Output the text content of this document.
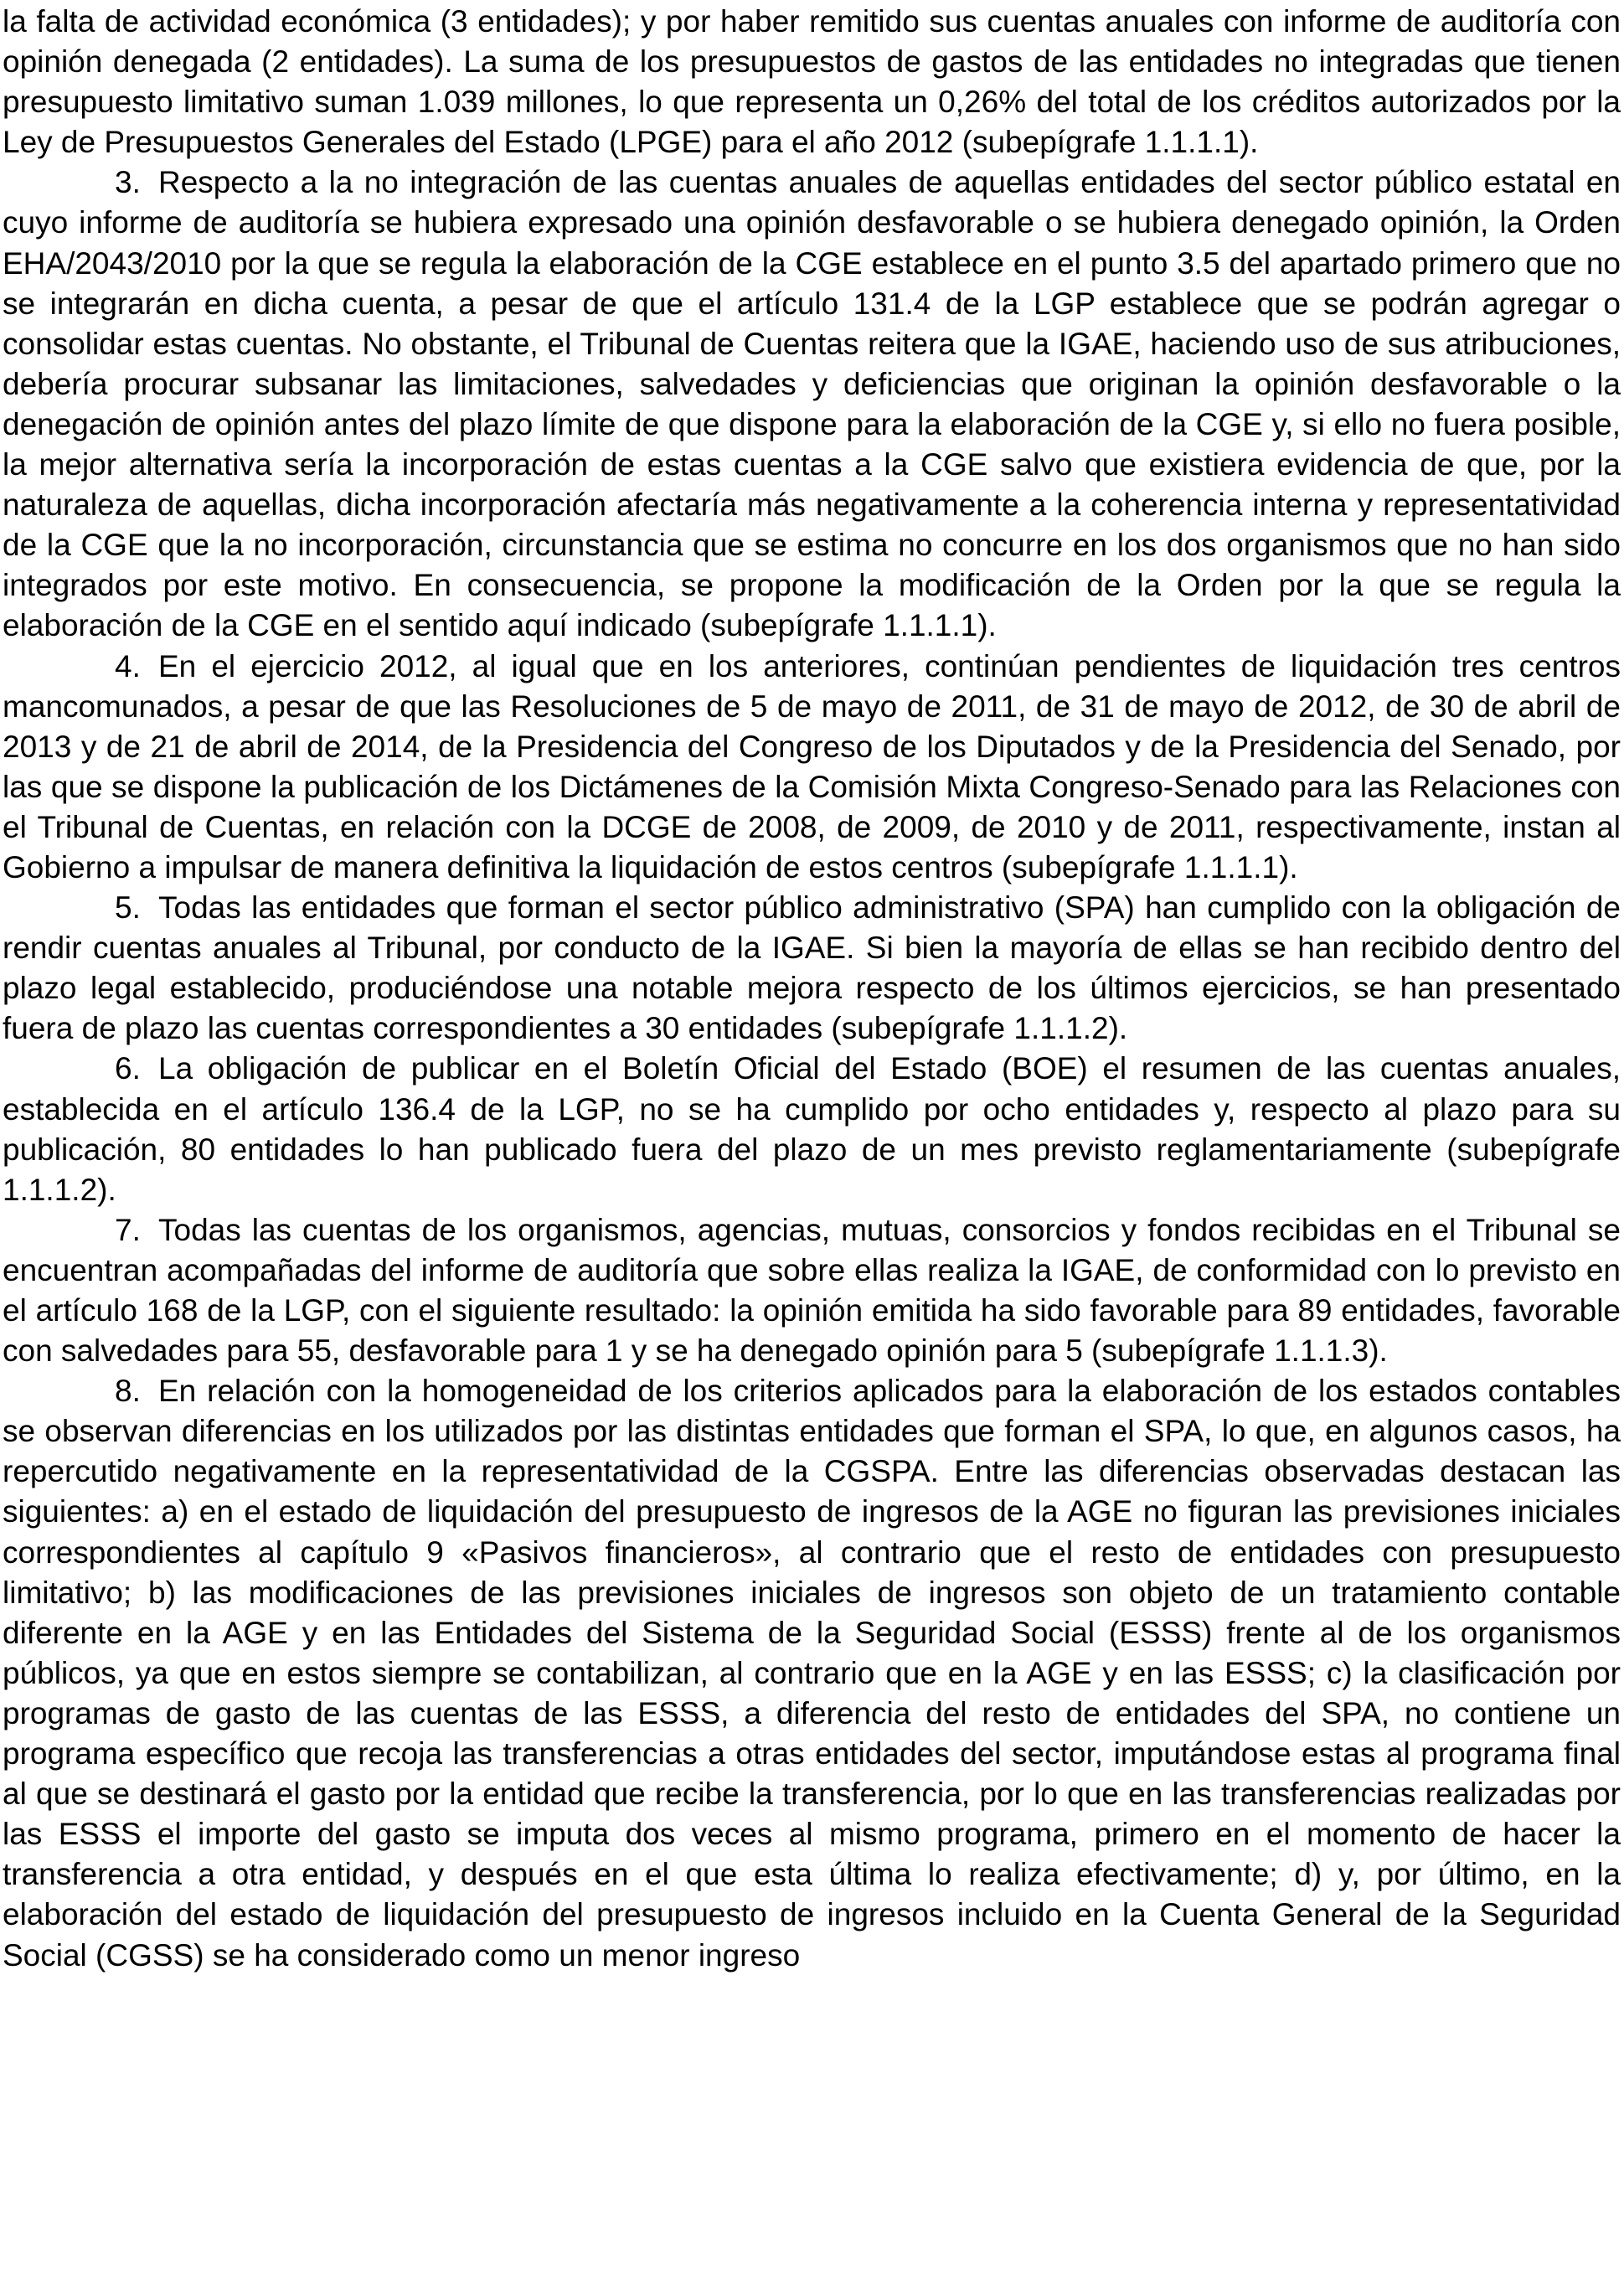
la falta de actividad económica (3 entidades); y por haber remitido sus cuentas anuales con informe de auditoría con opinión denegada (2 entidades). La suma de los presupuestos de gastos de las entidades no integradas que tienen presupuesto limitativo suman 1.039 millones, lo que representa un 0,26% del total de los créditos autorizados por la Ley de Presupuestos Generales del Estado (LPGE) para el año 2012 (subepígrafe 1.1.1.1).

3. Respecto a la no integración de las cuentas anuales de aquellas entidades del sector público estatal en cuyo informe de auditoría se hubiera expresado una opinión desfavorable o se hubiera denegado opinión, la Orden EHA/2043/2010 por la que se regula la elaboración de la CGE establece en el punto 3.5 del apartado primero que no se integrarán en dicha cuenta, a pesar de que el artículo 131.4 de la LGP establece que se podrán agregar o consolidar estas cuentas. No obstante, el Tribunal de Cuentas reitera que la IGAE, haciendo uso de sus atribuciones, debería procurar subsanar las limitaciones, salvedades y deficiencias que originan la opinión desfavorable o la denegación de opinión antes del plazo límite de que dispone para la elaboración de la CGE y, si ello no fuera posible, la mejor alternativa sería la incorporación de estas cuentas a la CGE salvo que existiera evidencia de que, por la naturaleza de aquellas, dicha incorporación afectaría más negativamente a la coherencia interna y representatividad de la CGE que la no incorporación, circunstancia que se estima no concurre en los dos organismos que no han sido integrados por este motivo. En consecuencia, se propone la modificación de la Orden por la que se regula la elaboración de la CGE en el sentido aquí indicado (subepígrafe 1.1.1.1).

4. En el ejercicio 2012, al igual que en los anteriores, continúan pendientes de liquidación tres centros mancomunados, a pesar de que las Resoluciones de 5 de mayo de 2011, de 31 de mayo de 2012, de 30 de abril de 2013 y de 21 de abril de 2014, de la Presidencia del Congreso de los Diputados y de la Presidencia del Senado, por las que se dispone la publicación de los Dictámenes de la Comisión Mixta Congreso-Senado para las Relaciones con el Tribunal de Cuentas, en relación con la DCGE de 2008, de 2009, de 2010 y de 2011, respectivamente, instan al Gobierno a impulsar de manera definitiva la liquidación de estos centros (subepígrafe 1.1.1.1).

5. Todas las entidades que forman el sector público administrativo (SPA) han cumplido con la obligación de rendir cuentas anuales al Tribunal, por conducto de la IGAE. Si bien la mayoría de ellas se han recibido dentro del plazo legal establecido, produciéndose una notable mejora respecto de los últimos ejercicios, se han presentado fuera de plazo las cuentas correspondientes a 30 entidades (subepígrafe 1.1.1.2).

6. La obligación de publicar en el Boletín Oficial del Estado (BOE) el resumen de las cuentas anuales, establecida en el artículo 136.4 de la LGP, no se ha cumplido por ocho entidades y, respecto al plazo para su publicación, 80 entidades lo han publicado fuera del plazo de un mes previsto reglamentariamente (subepígrafe 1.1.1.2).

7. Todas las cuentas de los organismos, agencias, mutuas, consorcios y fondos recibidas en el Tribunal se encuentran acompañadas del informe de auditoría que sobre ellas realiza la IGAE, de conformidad con lo previsto en el artículo 168 de la LGP, con el siguiente resultado: la opinión emitida ha sido favorable para 89 entidades, favorable con salvedades para 55, desfavorable para 1 y se ha denegado opinión para 5 (subepígrafe 1.1.1.3).

8. En relación con la homogeneidad de los criterios aplicados para la elaboración de los estados contables se observan diferencias en los utilizados por las distintas entidades que forman el SPA, lo que, en algunos casos, ha repercutido negativamente en la representatividad de la CGSPA. Entre las diferencias observadas destacan las siguientes: a) en el estado de liquidación del presupuesto de ingresos de la AGE no figuran las previsiones iniciales correspondientes al capítulo 9 «Pasivos financieros», al contrario que el resto de entidades con presupuesto limitativo; b) las modificaciones de las previsiones iniciales de ingresos son objeto de un tratamiento contable diferente en la AGE y en las Entidades del Sistema de la Seguridad Social (ESSS) frente al de los organismos públicos, ya que en estos siempre se contabilizan, al contrario que en la AGE y en las ESSS; c) la clasificación por programas de gasto de las cuentas de las ESSS, a diferencia del resto de entidades del SPA, no contiene un programa específico que recoja las transferencias a otras entidades del sector, imputándose estas al programa final al que se destinará el gasto por la entidad que recibe la transferencia, por lo que en las transferencias realizadas por las ESSS el importe del gasto se imputa dos veces al mismo programa, primero en el momento de hacer la transferencia a otra entidad, y después en el que esta última lo realiza efectivamente; d) y, por último, en la elaboración del estado de liquidación del presupuesto de ingresos incluido en la Cuenta General de la Seguridad Social (CGSS) se ha considerado como un menor ingreso
